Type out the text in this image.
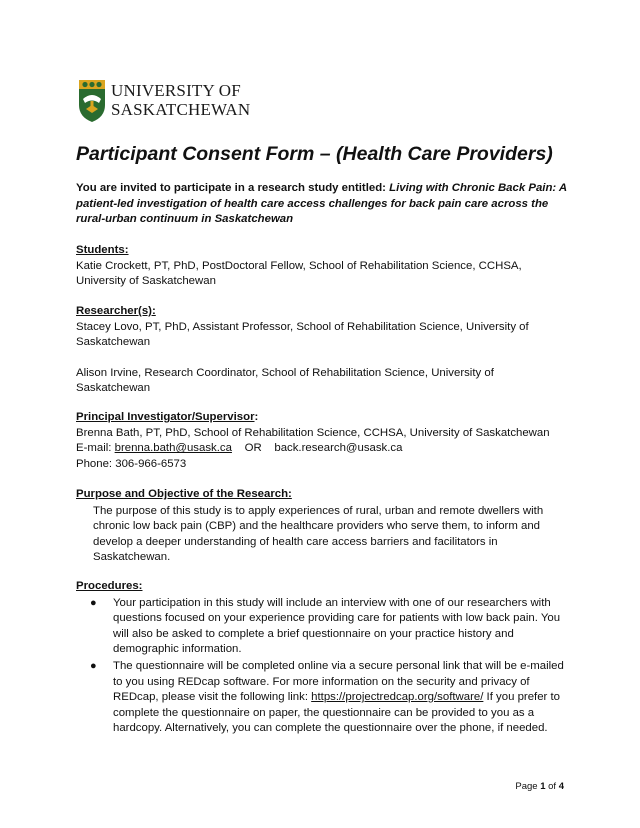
UNIVERSITY OF
SASKATCHEWAN
Participant Consent Form – (Health Care Providers)
You are invited to participate in a research study entitled: Living with Chronic Back Pain: A patient-led investigation of health care access challenges for back pain care across the rural-urban continuum in Saskatchewan
Students:

Katie Crockett, PT, PhD, PostDoctoral Fellow, School of Rehabilitation Science, CCHSA,

University of Saskatchewan

Researcher(s):

Stacey Lovo, PT, PhD, Assistant Professor, School of Rehabilitation Science, University of

Saskatchewan

Alison Irvine, Research Coordinator, School of Rehabilitation Science, University of

Saskatchewan

Principal Investigator/Supervisor:

Brenna Bath, PT, PhD, School of Rehabilitation Science, CCHSA, University of Saskatchewan

E-mail: brenna.bath@usask.ca OR back.research@usask.ca

Phone: 306-966-6573

Purpose and Objective of the Research:

The purpose of this study is to apply experiences of rural, urban and remote dwellers with chronic low back pain (CBP) and the healthcare providers who serve them, to inform and develop a deeper understanding of health care access barriers and facilitators in Saskatchewan.

Procedures:
● Your participation in this study will include an interview with one of our researchers with questions focused on your experience providing care for patients with low back pain. You will also be asked to complete a brief questionnaire on your practice history and demographic information.
● The questionnaire will be completed online via a secure personal link that will be e-mailed to you using REDcap software. For more information on the security and privacy of REDcap, please visit the following link: https://projectredcap.org/software/ If you prefer to complete the questionnaire on paper, the questionnaire can be provided to you as a hardcopy. Alternatively, you can complete the questionnaire over the phone, if needed.
Page 1 of 4
